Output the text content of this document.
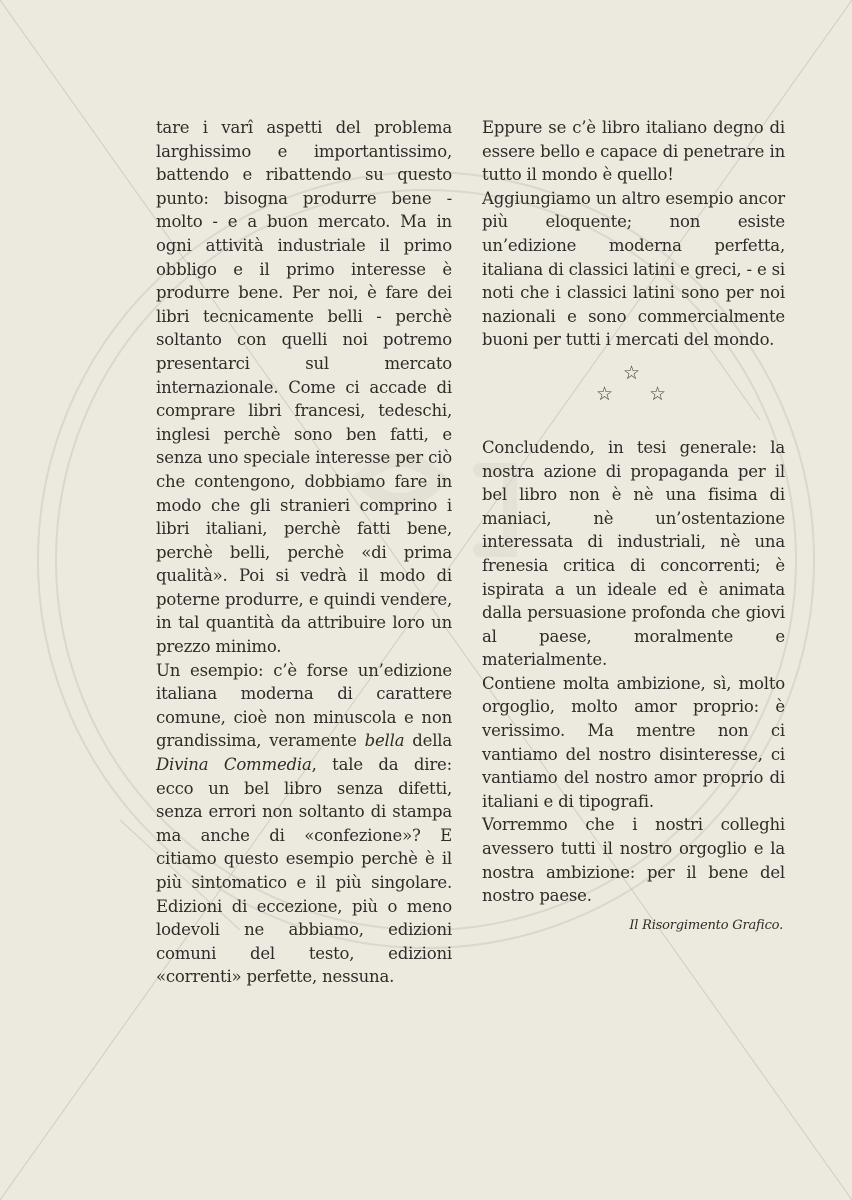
tare i varî aspetti del problema larghissimo e importantissimo, battendo e ribattendo su questo punto: bisogna produrre bene - molto - e a buon mercato. Ma in ogni attività industriale il primo obbligo e il primo interesse è produrre bene. Per noi, è fare dei libri tecnicamente belli - perchè soltanto con quelli noi potremo presentarci sul mercato internazionale. Come ci accade di comprare libri francesi, tedeschi, inglesi perchè sono ben fatti, e senza uno speciale interesse per ciò che contengono, dobbiamo fare in modo che gli stranieri comprino i libri italiani, perchè fatti bene, perchè belli, perchè «di prima qualità». Poi si vedrà il modo di poterne produrre, e quindi vendere, in tal quantità da attribuire loro un prezzo minimo.

Un esempio: c’è forse un’edizione italiana moderna di carattere comune, cioè non minuscola e non grandissima, veramente bella della Divina Commedia, tale da dire: ecco un bel libro senza difetti, senza errori non soltanto di stampa ma anche di «confezione»? E citiamo questo esempio perchè è il più sintomatico e il più singolare. Edizioni di eccezione, più o meno lodevoli ne abbiamo, edizioni comuni del testo, edizioni «correnti» perfette, nessuna.

Eppure se c’è libro italiano degno di essere bello e capace di penetrare in tutto il mondo è quello!

Aggiungiamo un altro esempio ancor più eloquente; non esiste un’edizione moderna perfetta, italiana di classici latini e greci, - e si noti che i classici latini sono per noi nazionali e sono commercialmente buoni per tutti i mercati del mondo.

☆
☆ ☆

Concludendo, in tesi generale: la nostra azione di propaganda per il bel libro non è nè una fisima di maniaci, nè un’ostentazione interessata di industriali, nè una frenesia critica di concorrenti; è ispirata a un ideale ed è animata dalla persuasione profonda che giovi al paese, moralmente e materialmente.

Contiene molta ambizione, sì, molto orgoglio, molto amor proprio: è verissimo. Ma mentre non ci vantiamo del nostro disinteresse, ci vantiamo del nostro amor proprio di italiani e di tipografi.

Vorremmo che i nostri colleghi avessero tutti il nostro orgoglio e la nostra ambizione: per il bene del nostro paese.

Il Risorgimento Grafico.
